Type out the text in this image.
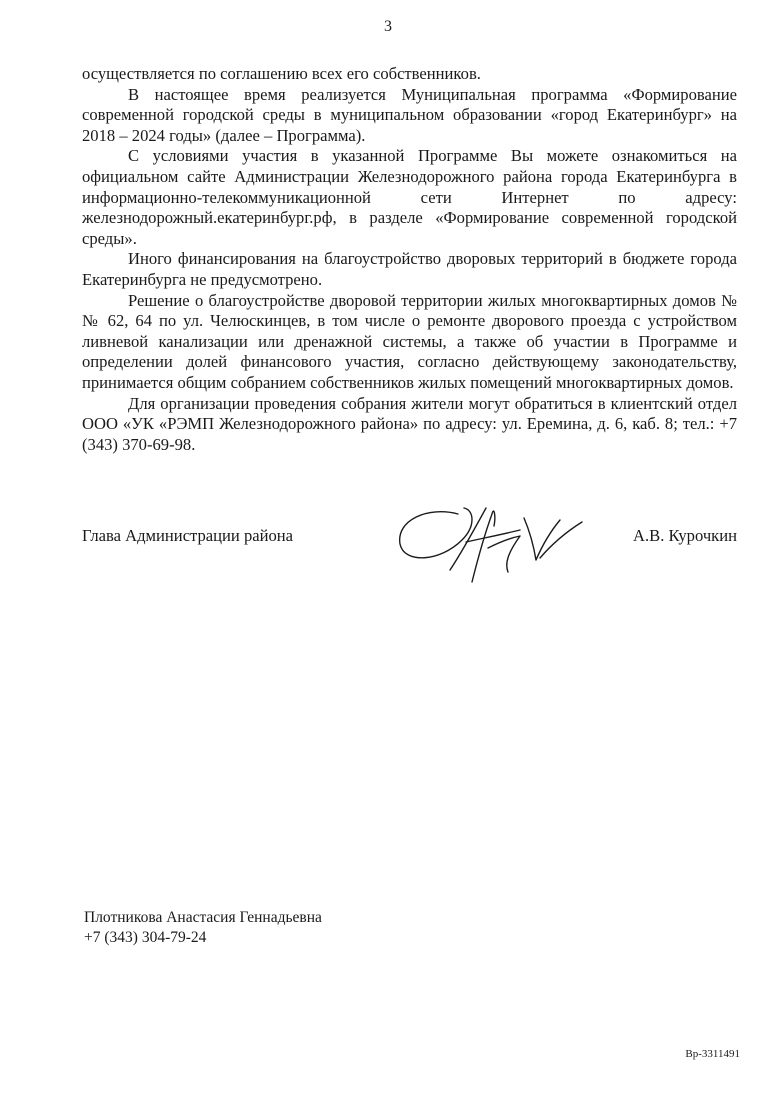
3

осуществляется по соглашению всех его собственников.

В настоящее время реализуется Муниципальная программа «Формирование современной городской среды в муниципальном образовании «город Екатеринбург» на 2018 – 2024 годы» (далее – Программа).

С условиями участия в указанной Программе Вы можете ознакомиться на официальном сайте Администрации Железнодорожного района города Екатеринбурга в информационно-телекоммуникационной сети Интернет по адресу: железнодорожный.екатеринбург.рф, в разделе «Формирование современной городской среды».

Иного финансирования на благоустройство дворовых территорий в бюджете города Екатеринбурга не предусмотрено.

Решение о благоустройстве дворовой территории жилых многоквартирных домов №№ 62, 64 по ул. Челюскинцев, в том числе о ремонте дворового проезда с устройством ливневой канализации или дренажной системы, а также об участии в Программе и определении долей финансового участия, согласно действующему законодательству, принимается общим собранием собственников жилых помещений многоквартирных домов.

Для организации проведения собрания жители могут обратиться в клиентский отдел ООО «УК «РЭМП Железнодорожного района» по адресу: ул. Еремина, д. 6, каб. 8; тел.: +7 (343) 370-69-98.

Глава Администрации района	А.В. Курочкин
Плотникова Анастасия Геннадьевна
+7 (343) 304-79-24
Вр-3311491
